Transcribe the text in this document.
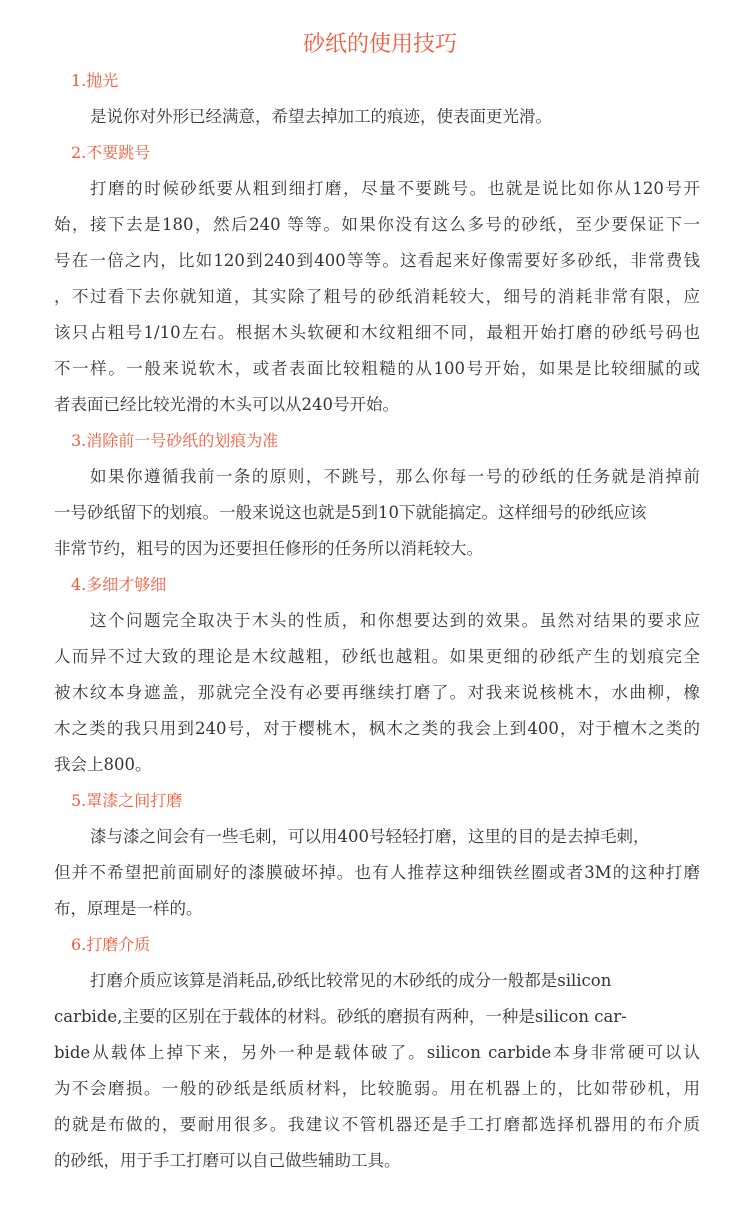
砂纸的使用技巧
1.抛光
是说你对外形已经满意，希望去掉加工的痕迹，使表面更光滑。
2.不要跳号
打磨的时候砂纸要从粗到细打磨，尽量不要跳号。也就是说比如你从120号开
始，接下去是180，然后240 等等。如果你没有这么多号的砂纸，至少要保证下一
号在一倍之内，比如120到240到400等等。这看起来好像需要好多砂纸，非常费钱
，不过看下去你就知道，其实除了粗号的砂纸消耗较大，细号的消耗非常有限，应
该只占粗号1/10左右。根据木头软硬和木纹粗细不同，最粗开始打磨的砂纸号码也
不一样。一般来说软木，或者表面比较粗糙的从100号开始，如果是比较细腻的或
者表面已经比较光滑的木头可以从240号开始。
3.消除前一号砂纸的划痕为准
如果你遵循我前一条的原则，不跳号，那么你每一号的砂纸的任务就是消掉前
一号砂纸留下的划痕。一般来说这也就是5到10下就能搞定。这样细号的砂纸应该
非常节约，粗号的因为还要担任修形的任务所以消耗较大。
4.多细才够细
这个问题完全取决于木头的性质，和你想要达到的效果。虽然对结果的要求应
人而异不过大致的理论是木纹越粗，砂纸也越粗。如果更细的砂纸产生的划痕完全
被木纹本身遮盖，那就完全没有必要再继续打磨了。对我来说核桃木，水曲柳，橡
木之类的我只用到240号，对于樱桃木，枫木之类的我会上到400，对于檀木之类的
我会上800。
5.罩漆之间打磨
漆与漆之间会有一些毛刺，可以用400号轻轻打磨，这里的目的是去掉毛刺，
但并不希望把前面刷好的漆膜破坏掉。也有人推荐这种细铁丝圈或者3M的这种打磨
布，原理是一样的。
6.打磨介质
打磨介质应该算是消耗品,砂纸比较常见的木砂纸的成分一般都是silicon
carbide,主要的区别在于载体的材料。砂纸的磨损有两种，一种是silicon car-
bide从载体上掉下来，另外一种是载体破了。silicon carbide本身非常硬可以认
为不会磨损。一般的砂纸是纸质材料，比较脆弱。用在机器上的，比如带砂机，用
的就是布做的，要耐用很多。我建议不管机器还是手工打磨都选择机器用的布介质
的砂纸，用于手工打磨可以自己做些辅助工具。
